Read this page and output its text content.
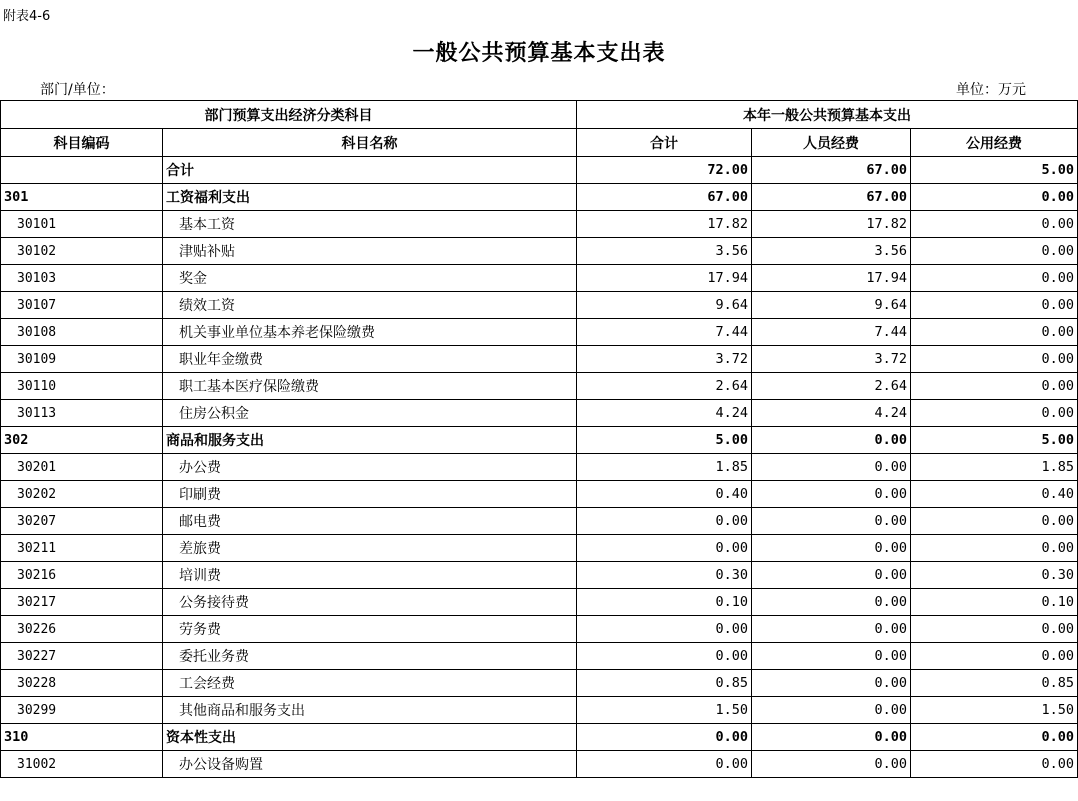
附表4-6
一般公共预算基本支出表
部门/单位：	单位：万元
部门预算支出经济分类科目		本年一般公共预算基本支出		
科目编码	科目名称	合计	人员经费	公用经费
	合计	72.00	67.00	5.00
301	工资福利支出	67.00	67.00	0.00
30101	基本工资	17.82	17.82	0.00
30102	津贴补贴	3.56	3.56	0.00
30103	奖金	17.94	17.94	0.00
30107	绩效工资	9.64	9.64	0.00
30108	机关事业单位基本养老保险缴费	7.44	7.44	0.00
30109	职业年金缴费	3.72	3.72	0.00
30110	职工基本医疗保险缴费	2.64	2.64	0.00
30113	住房公积金	4.24	4.24	0.00
302	商品和服务支出	5.00	0.00	5.00
30201	办公费	1.85	0.00	1.85
30202	印刷费	0.40	0.00	0.40
30207	邮电费	0.00	0.00	0.00
30211	差旅费	0.00	0.00	0.00
30216	培训费	0.30	0.00	0.30
30217	公务接待费	0.10	0.00	0.10
30226	劳务费	0.00	0.00	0.00
30227	委托业务费	0.00	0.00	0.00
30228	工会经费	0.85	0.00	0.85
30299	其他商品和服务支出	1.50	0.00	1.50
310	资本性支出	0.00	0.00	0.00
31002	办公设备购置	0.00	0.00	0.00
